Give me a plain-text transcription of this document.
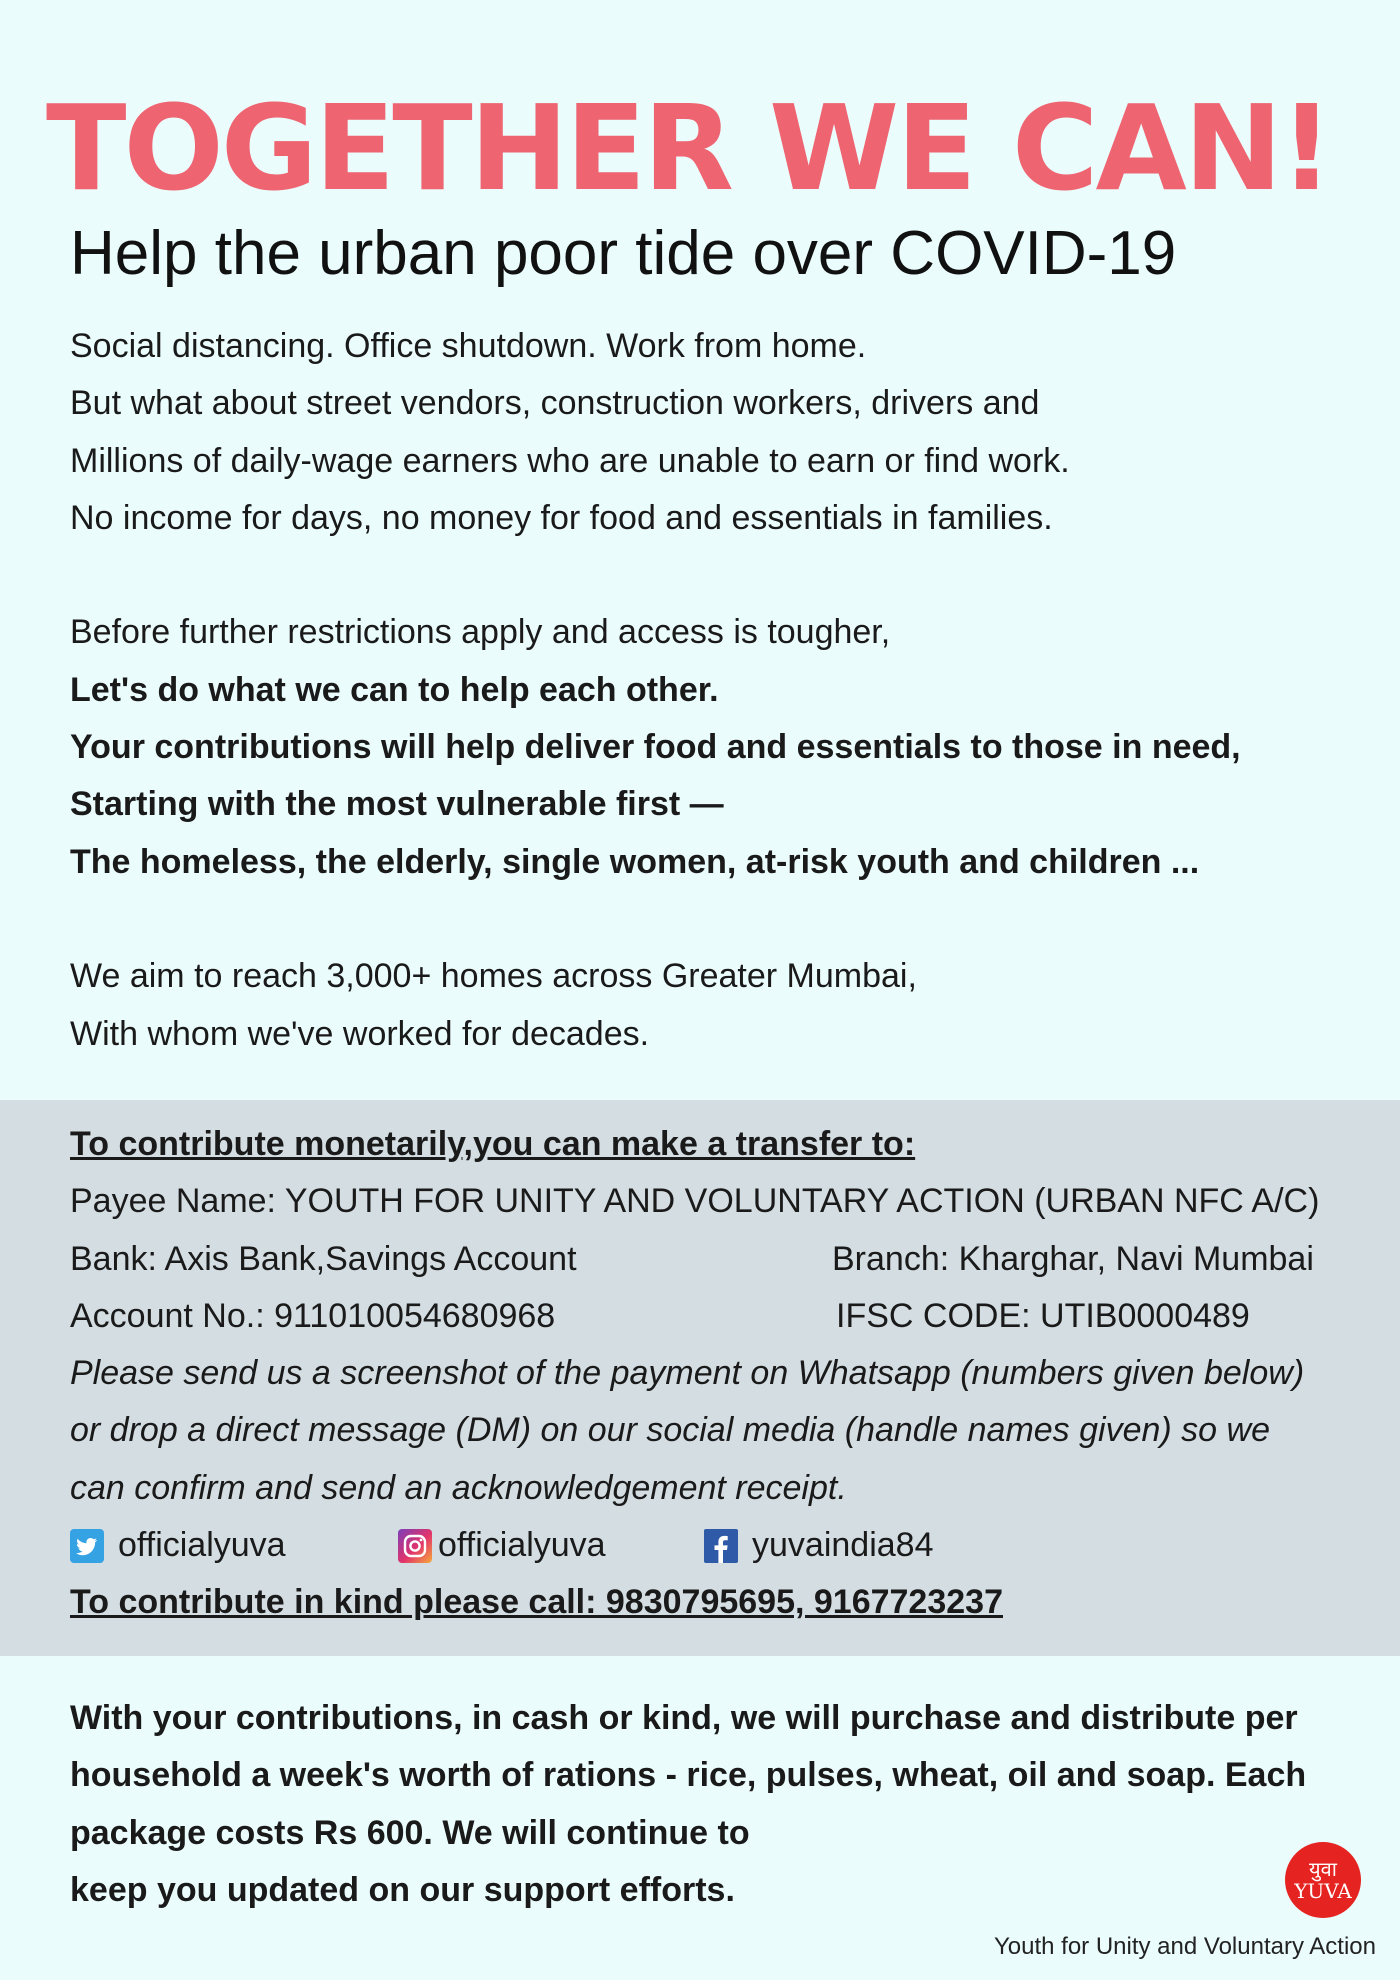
TOGETHER WE CAN!
Help the urban poor tide over COVID-19
Social distancing. Office shutdown. Work from home.
But what about street vendors, construction workers, drivers and
Millions of daily-wage earners who are unable to earn or find work.
No income for days, no money for food and essentials in families.
Before further restrictions apply and access is tougher,
Let's do what we can to help each other.
Your contributions will help deliver food and essentials to those in need,
Starting with the most vulnerable first —
The homeless, the elderly, single women, at-risk youth and children ...
We aim to reach 3,000+ homes across Greater Mumbai,
With whom we've worked for decades.
To contribute monetarily,you can make a transfer to:
Payee Name: YOUTH FOR UNITY AND VOLUNTARY ACTION (URBAN NFC A/C)
Bank: Axis Bank,Savings Account	Branch: Kharghar, Navi Mumbai
Account No.: 911010054680968	IFSC CODE: UTIB0000489
Please send us a screenshot of the payment on Whatsapp (numbers given below)
or drop a direct message (DM) on our social media (handle names given) so we
can confirm and send an acknowledgement receipt.
officialyuva	officialyuva	yuvaindia84
To contribute in kind please call: 9830795695, 9167723237
With your contributions, in cash or kind, we will purchase and distribute per
household a week's worth of rations - rice, pulses, wheat, oil and soap. Each
package costs Rs 600. We will continue to
keep you updated on our support efforts.
युवा YUVA
Youth for Unity and Voluntary Action
